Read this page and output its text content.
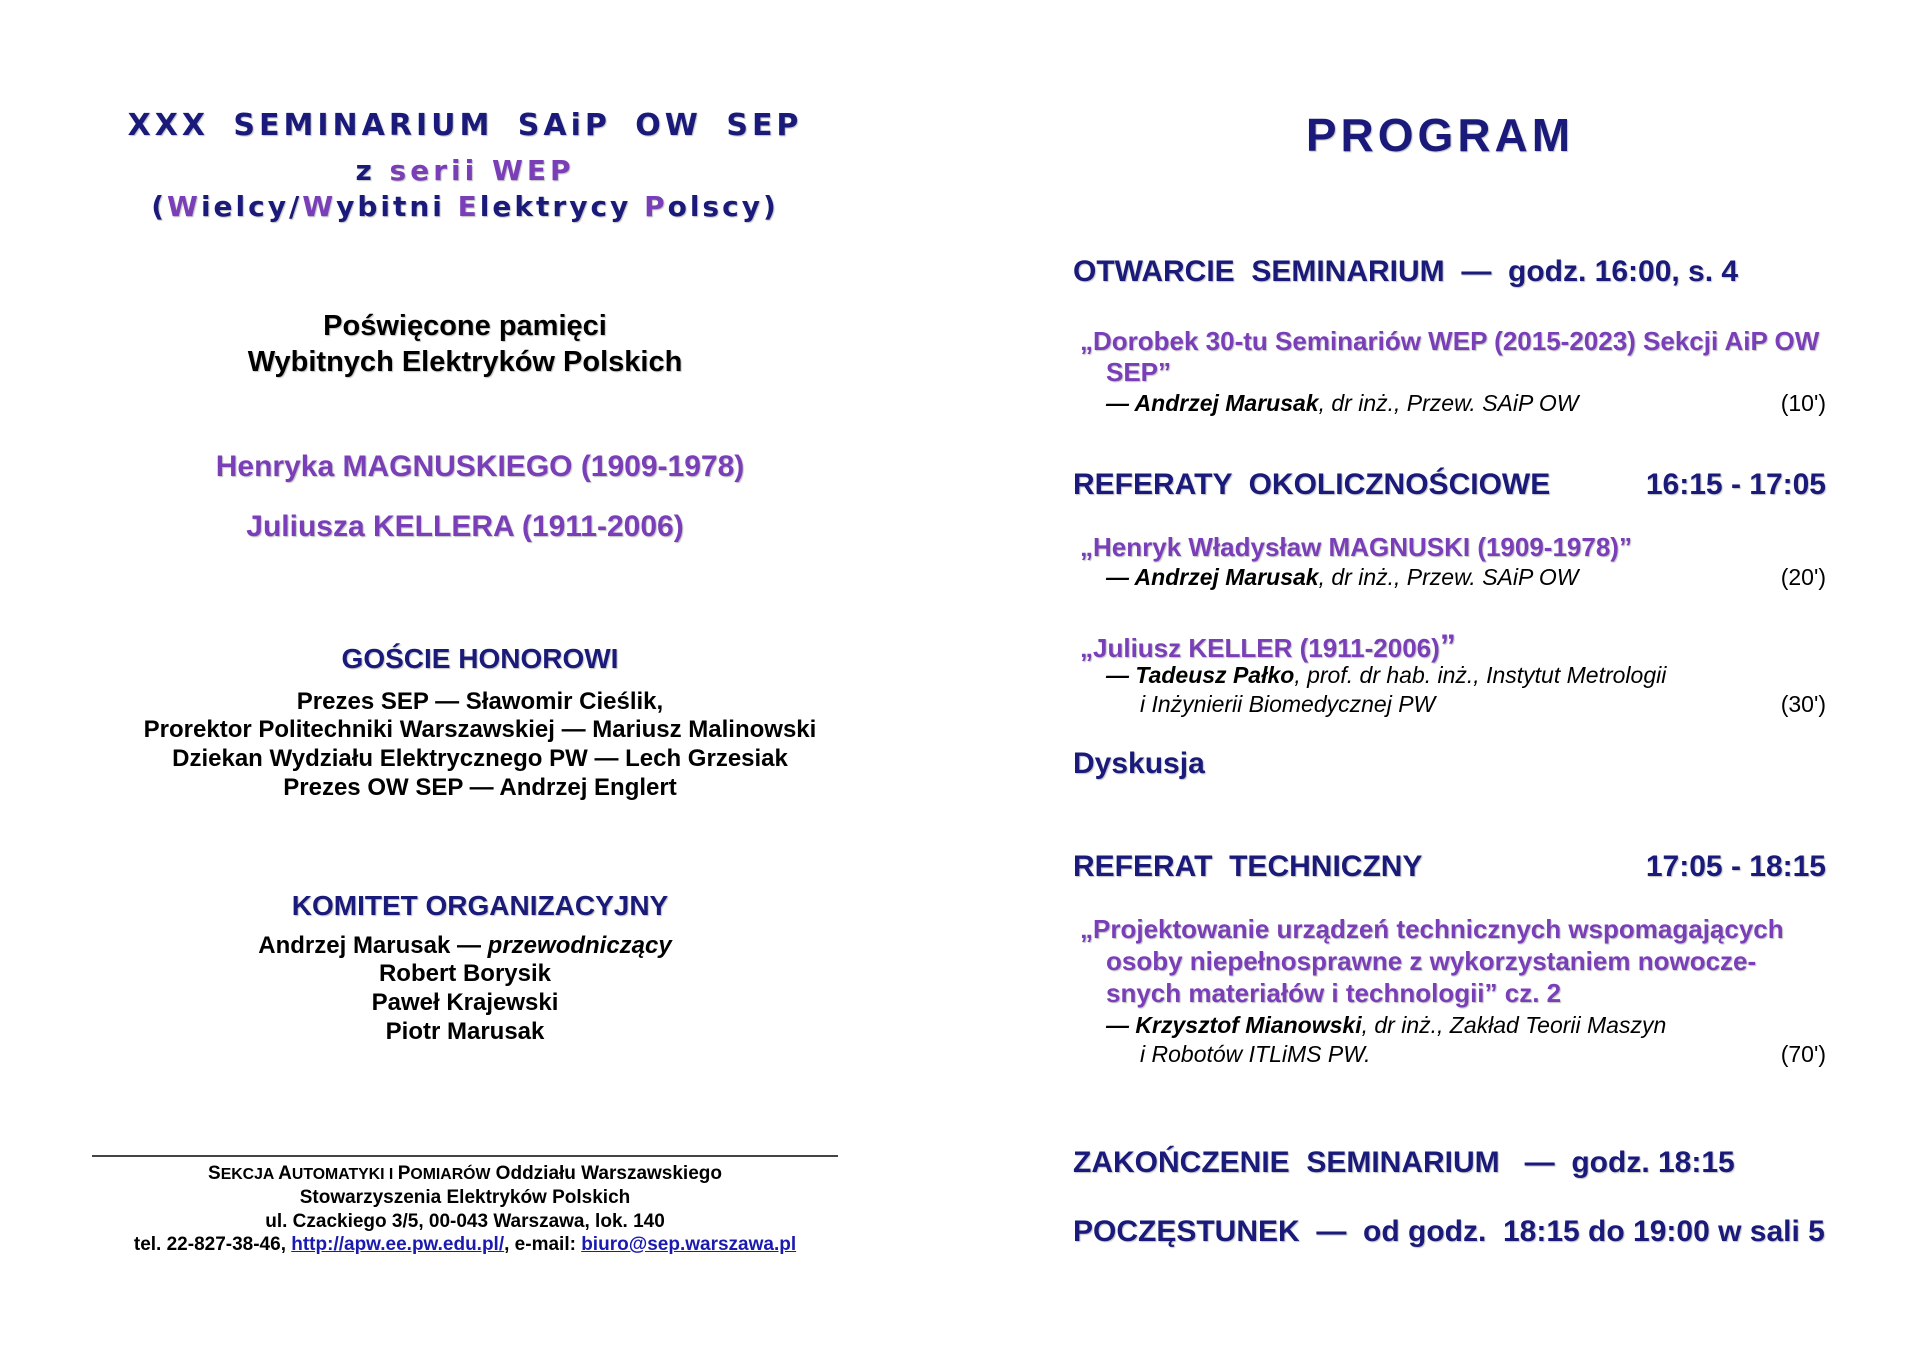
XXX SEMINARIUM SAiP OW SEP
z serii WEP
(Wielcy/Wybitni Elektrycy Polscy)
Poświęcone pamięci
Wybitnych Elektryków Polskich
Henryka MAGNUSKIEGO (1909-1978)
Juliusza KELLERA (1911-2006)
GOŚCIE HONOROWI
Prezes SEP — Sławomir Cieślik,
Prorektor Politechniki Warszawskiej — Mariusz Malinowski
Dziekan Wydziału Elektrycznego PW — Lech Grzesiak
Prezes OW SEP — Andrzej Englert
KOMITET ORGANIZACYJNY
Andrzej Marusak — przewodniczący
Robert Borysik
Paweł Krajewski
Piotr Marusak
SEKCJA AUTOMATYKI I POMIARÓW Oddziału Warszawskiego
Stowarzyszenia Elektryków Polskich
ul. Czackiego 3/5, 00-043 Warszawa, lok. 140
tel. 22-827-38-46, http://apw.ee.pw.edu.pl/, e-mail: biuro@sep.warszawa.pl
PROGRAM
OTWARCIE  SEMINARIUM  —  godz. 16:00, s. 4
„Dorobek 30-tu Seminariów WEP (2015-2023) Sekcji AiP OW
SEP”
— Andrzej Marusak, dr inż., Przew. SAiP OW	(10')
REFERATY  OKOLICZNOŚCIOWE	16:15 - 17:05
„Henryk Władysław MAGNUSKI (1909-1978)”
— Andrzej Marusak, dr inż., Przew. SAiP OW	(20')
„Juliusz KELLER (1911-2006)”
— Tadeusz Pałko, prof. dr hab. inż., Instytut Metrologii
i Inżynierii Biomedycznej PW	(30')
Dyskusja
REFERAT  TECHNICZNY	17:05 - 18:15
„Projektowanie urządzeń technicznych wspomagających
osoby niepełnosprawne z wykorzystaniem nowocze-
snych materiałów i technologii” cz. 2
— Krzysztof Mianowski, dr inż., Zakład Teorii Maszyn
i Robotów ITLiMS PW.	(70')
ZAKOŃCZENIE  SEMINARIUM   —  godz. 18:15
POCZĘSTUNEK  —  od godz.  18:15 do 19:00 w sali 5
